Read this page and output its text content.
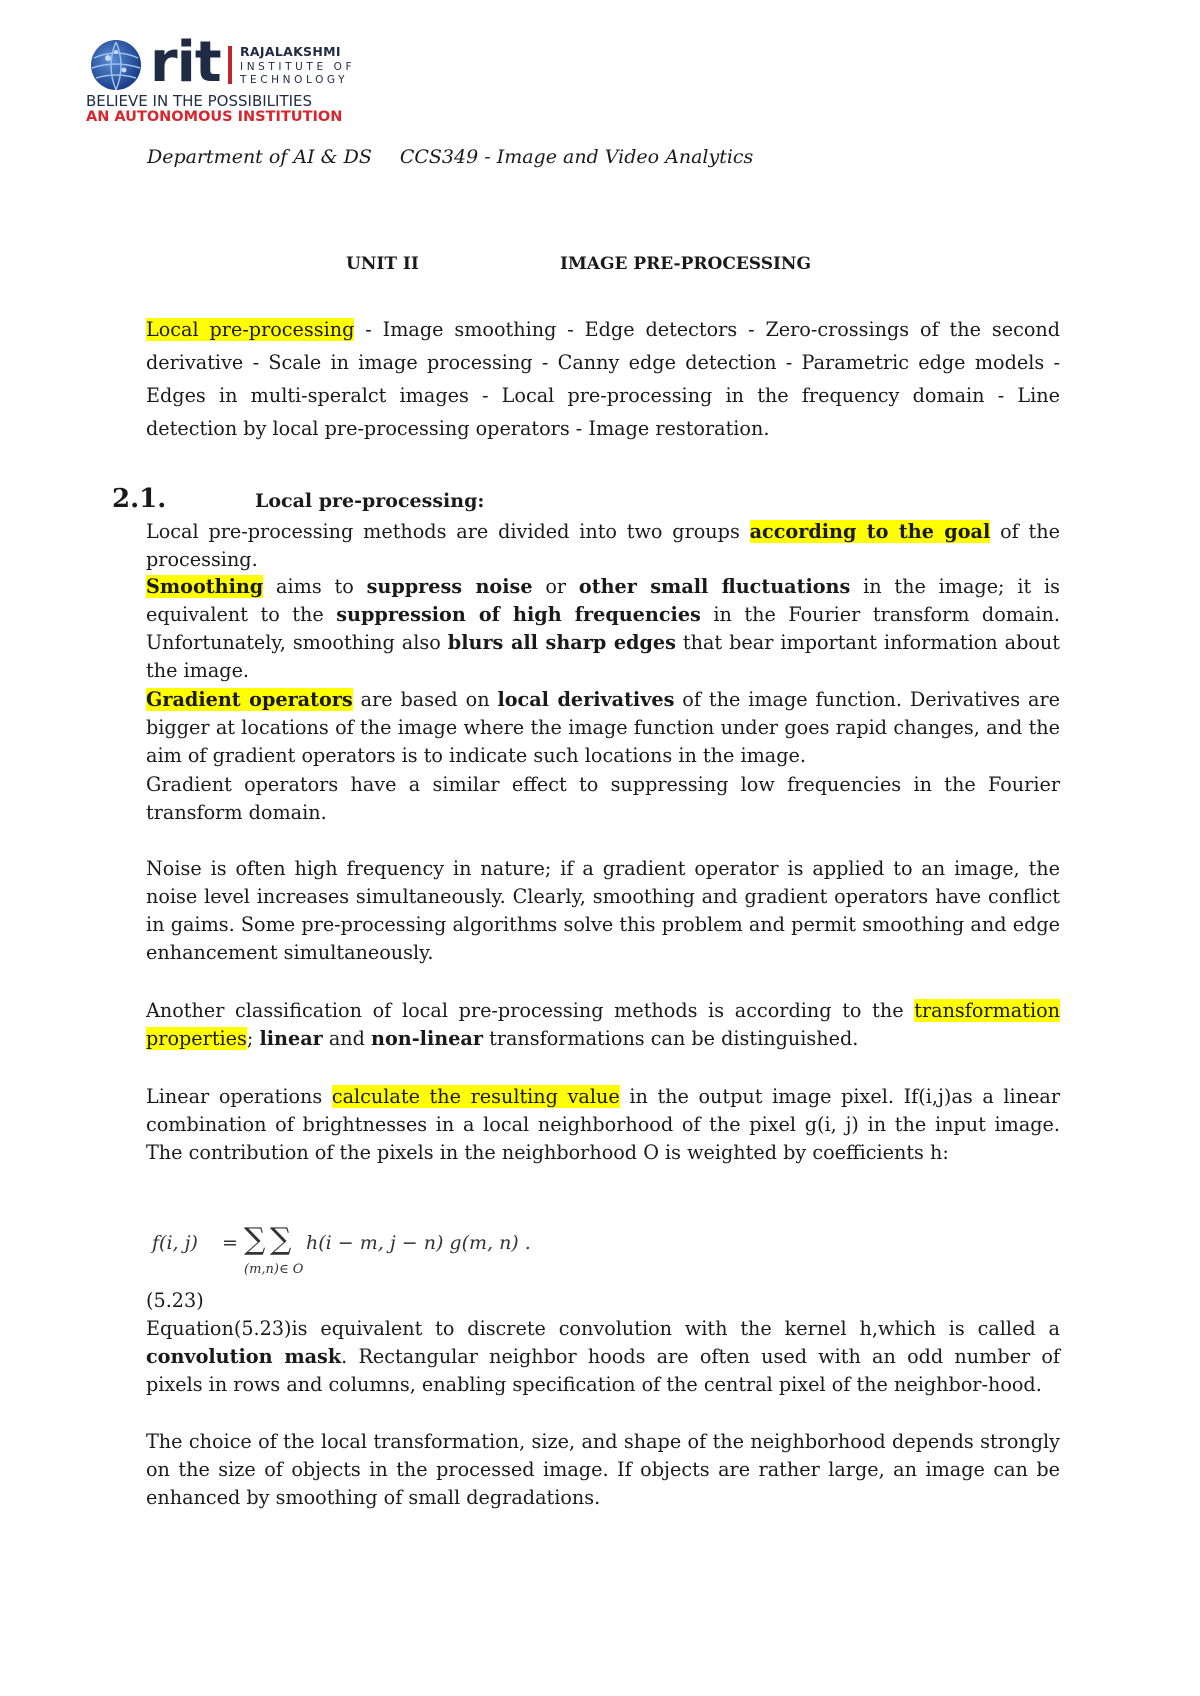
rit RAJALAKSHMI
INSTITUTE OF
TECHNOLOGY
BELIEVE IN THE POSSIBILITIES
AN AUTONOMOUS INSTITUTION
Department of AI & DS CCS349 - Image and Video Analytics
UNIT II	IMAGE PRE-PROCESSING
Local pre-processing - Image smoothing - Edge detectors - Zero-crossings of the second derivative - Scale in image processing - Canny edge detection - Parametric edge models - Edges in multi-speralct images - Local pre-processing in the frequency domain - Line detection by local pre-processing operators - Image restoration.
2.1.	Local pre-processing:
Local pre-processing methods are divided into two groups according to the goal of the processing.
Smoothing aims to suppress noise or other small fluctuations in the image; it is equivalent to the suppression of high frequencies in the Fourier transform domain. Unfortunately, smoothing also blurs all sharp edges that bear important information about the image.
Gradient operators are based on local derivatives of the image function. Derivatives are bigger at locations of the image where the image function under goes rapid changes, and the aim of gradient operators is to indicate such locations in the image.
Gradient operators have a similar effect to suppressing low frequencies in the Fourier transform domain.
Noise is often high frequency in nature; if a gradient operator is applied to an image, the noise level increases simultaneously. Clearly, smoothing and gradient operators have conflict in gaims. Some pre-processing algorithms solve this problem and permit smoothing and edge enhancement simultaneously.
Another classification of local pre-processing methods is according to the transformation properties; linear and non-linear transformations can be distinguished.
Linear operations calculate the resulting value in the output image pixel. If(i,j)as a linear combination of brightnesses in a local neighborhood of the pixel g(i, j) in the input image. The contribution of the pixels in the neighborhood O is weighted by coefficients h:
f(i, j) = ∑ ∑ h(i − m, j − n) g(m, n) .
(m,n)∈ O
(5.23)
Equation(5.23)is equivalent to discrete convolution with the kernel h,which is called a convolution mask. Rectangular neighbor hoods are often used with an odd number of pixels in rows and columns, enabling specification of the central pixel of the neighbor-hood.
The choice of the local transformation, size, and shape of the neighborhood depends strongly on the size of objects in the processed image. If objects are rather large, an image can be enhanced by smoothing of small degradations.
